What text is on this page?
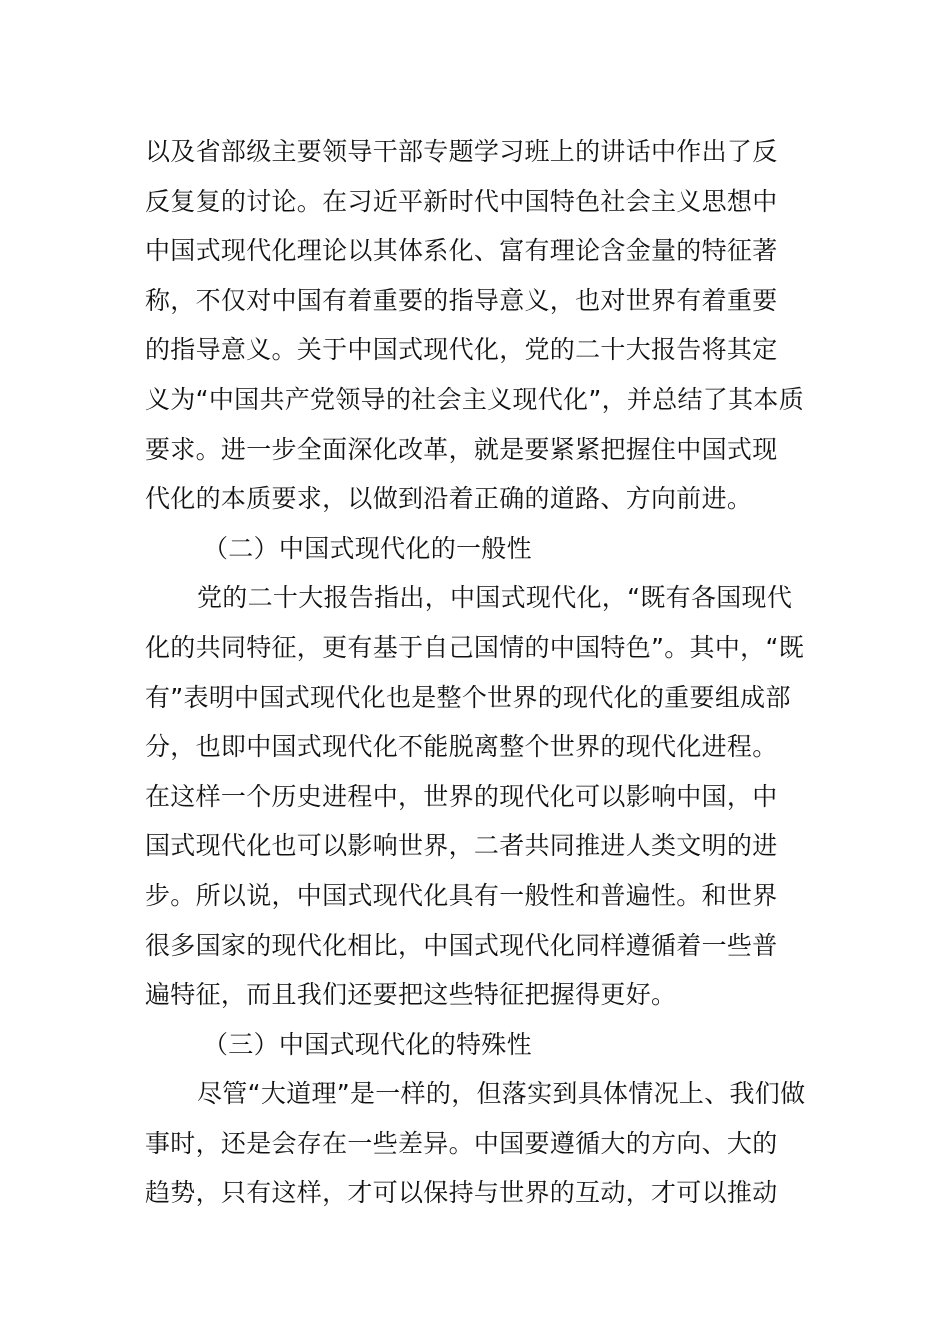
以及省部级主要领导干部专题学习班上的讲话中作出了反
反复复的讨论。在习近平新时代中国特色社会主义思想中
中国式现代化理论以其体系化、富有理论含金量的特征著
称，不仅对中国有着重要的指导意义，也对世界有着重要
的指导意义。关于中国式现代化，党的二十大报告将其定
义为“中国共产党领导的社会主义现代化”，并总结了其本质
要求。进一步全面深化改革，就是要紧紧把握住中国式现
代化的本质要求，以做到沿着正确的道路、方向前进。
（二）中国式现代化的一般性
党的二十大报告指出，中国式现代化，“既有各国现代
化的共同特征，更有基于自己国情的中国特色”。其中，“既
有”表明中国式现代化也是整个世界的现代化的重要组成部
分，也即中国式现代化不能脱离整个世界的现代化进程。
在这样一个历史进程中，世界的现代化可以影响中国，中
国式现代化也可以影响世界，二者共同推进人类文明的进
步。所以说，中国式现代化具有一般性和普遍性。和世界
很多国家的现代化相比，中国式现代化同样遵循着一些普
遍特征，而且我们还要把这些特征把握得更好。
（三）中国式现代化的特殊性
尽管“大道理”是一样的，但落实到具体情况上、我们做
事时，还是会存在一些差异。中国要遵循大的方向、大的
趋势，只有这样，才可以保持与世界的互动，才可以推动
